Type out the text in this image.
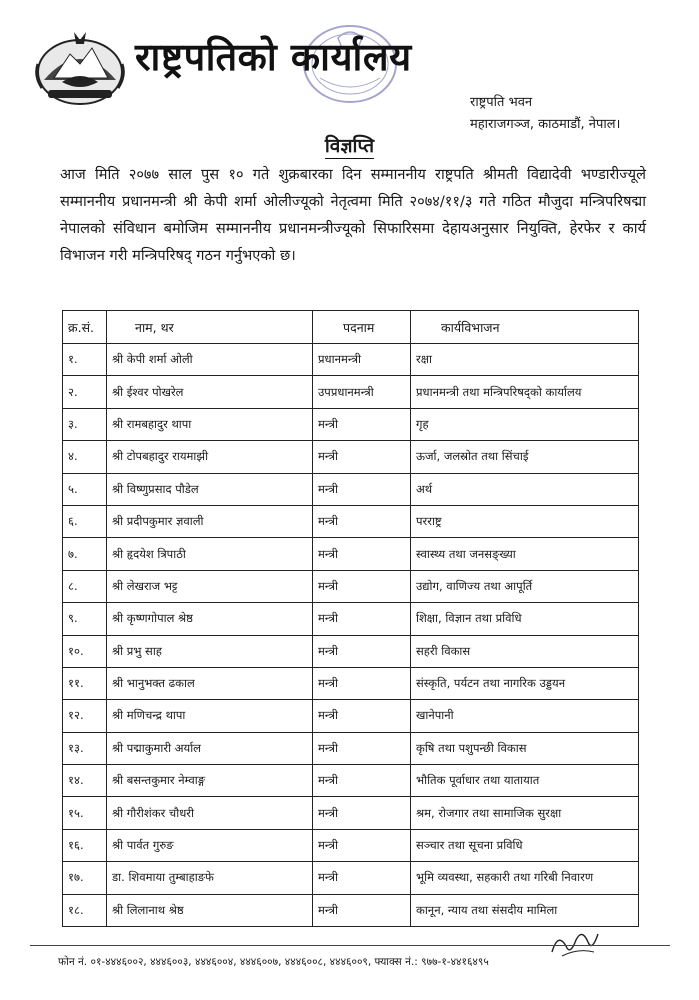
राष्ट्रपतिको कार्यालय
राष्ट्रपति भवन
महाराजगञ्ज, काठमाडौं, नेपाल।
विज्ञप्ति
आज मिति २०७७ साल पुस १० गते शुक्रबारका दिन सम्माननीय राष्ट्रपति श्रीमती विद्यादेवी भण्डारीज्यूले सम्माननीय प्रधानमन्त्री श्री केपी शर्मा ओलीज्यूको नेतृत्वमा मिति २०७४/११/३ गते गठित मौजुदा मन्त्रिपरिषद्मा नेपालको संविधान बमोजिम सम्माननीय प्रधानमन्त्रीज्यूको सिफारिसमा देहायअनुसार नियुक्ति, हेरफेर र कार्य विभाजन गरी मन्त्रिपरिषद् गठन गर्नुभएको छ।
क्र.सं.	नाम, थर	पदनाम	कार्यविभाजन
१.	श्री केपी शर्मा ओली	प्रधानमन्त्री	रक्षा
२.	श्री ईश्वर पोखरेल	उपप्रधानमन्त्री	प्रधानमन्त्री तथा मन्त्रिपरिषद्को कार्यालय
३.	श्री रामबहादुर थापा	मन्त्री	गृह
४.	श्री टोपबहादुर रायमाझी	मन्त्री	ऊर्जा, जलस्रोत तथा सिंचाई
५.	श्री विष्णुप्रसाद पौडेल	मन्त्री	अर्थ
६.	श्री प्रदीपकुमार ज्ञवाली	मन्त्री	परराष्ट्र
७.	श्री हृदयेश त्रिपाठी	मन्त्री	स्वास्थ्य तथा जनसङ्ख्या
८.	श्री लेखराज भट्ट	मन्त्री	उद्योग, वाणिज्य तथा आपूर्ति
९.	श्री कृष्णगोपाल श्रेष्ठ	मन्त्री	शिक्षा, विज्ञान तथा प्रविधि
१०.	श्री प्रभु साह	मन्त्री	सहरी विकास
११.	श्री भानुभक्त ढकाल	मन्त्री	संस्कृति, पर्यटन तथा नागरिक उड्डयन
१२.	श्री मणिचन्द्र थापा	मन्त्री	खानेपानी
१३.	श्री पद्माकुमारी अर्याल	मन्त्री	कृषि तथा पशुपन्छी विकास
१४.	श्री बसन्तकुमार नेम्वाङ्ग	मन्त्री	भौतिक पूर्वाधार तथा यातायात
१५.	श्री गौरीशंकर चौधरी	मन्त्री	श्रम, रोजगार तथा सामाजिक सुरक्षा
१६.	श्री पार्वत गुरुङ	मन्त्री	सञ्चार तथा सूचना प्रविधि
१७.	डा. शिवमाया तुम्बाहाङफे	मन्त्री	भूमि व्यवस्था, सहकारी तथा गरिबी निवारण
१८.	श्री लिलानाथ श्रेष्ठ	मन्त्री	कानून, न्याय तथा संसदीय मामिला
फोन नं. ०१-४४४६००२, ४४४६००३, ४४४६००४, ४४४६००७, ४४४६००८, ४४४६००९, फ्याक्स नं.: ९७७-१-४४१६४९५
